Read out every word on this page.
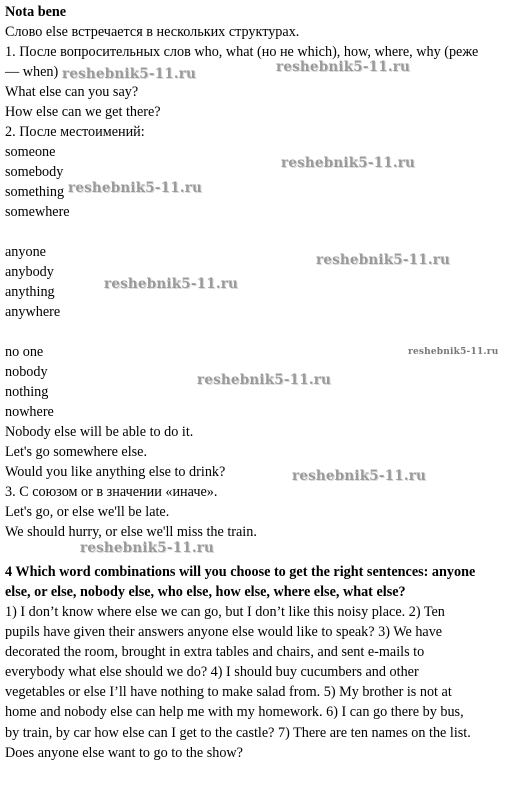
Nota bene
Слово else встречается в нескольких структурах.
1. После вопросительных слов who, what (но не which), how, where, why (реже
— when)
What else can you say?
How else can we get there?
2. После местоимений:
someone
somebody
something
somewhere
anyone
anybody
anything
anywhere
no one
nobody
nothing
nowhere
Nobody else will be able to do it.
Let's go somewhere else.
Would you like anything else to drink?
3. С союзом or в значении «иначе».
Let's go, or else we'll be late.
We should hurry, or else we'll miss the train.
4 Which word combinations will you choose to get the right sentences: anyone
else, or else, nobody else, who else, how else, where else, what else?
1) I don’t know where else we can go, but I don’t like this noisy place. 2) Ten
pupils have given their answers anyone else would like to speak? 3) We have
decorated the room, brought in extra tables and chairs, and sent e-mails to
everybody what else should we do? 4) I should buy cucumbers and other
vegetables or else I’ll have nothing to make salad from. 5) My brother is not at
home and nobody else can help me with my homework. 6) I can go there by bus,
by train, by car how else can I get to the castle? 7) There are ten names on the list.
Does anyone else want to go to the show?
reshebnik5-11.ru	reshebnik5-11.ru
reshebnik5-11.ru
reshebnik5-11.ru
reshebnik5-11.ru
reshebnik5-11.ru
reshebnik5-11.ru
reshebnik5-11.ru
reshebnik5-11.ru
reshebnik5-11.ru
